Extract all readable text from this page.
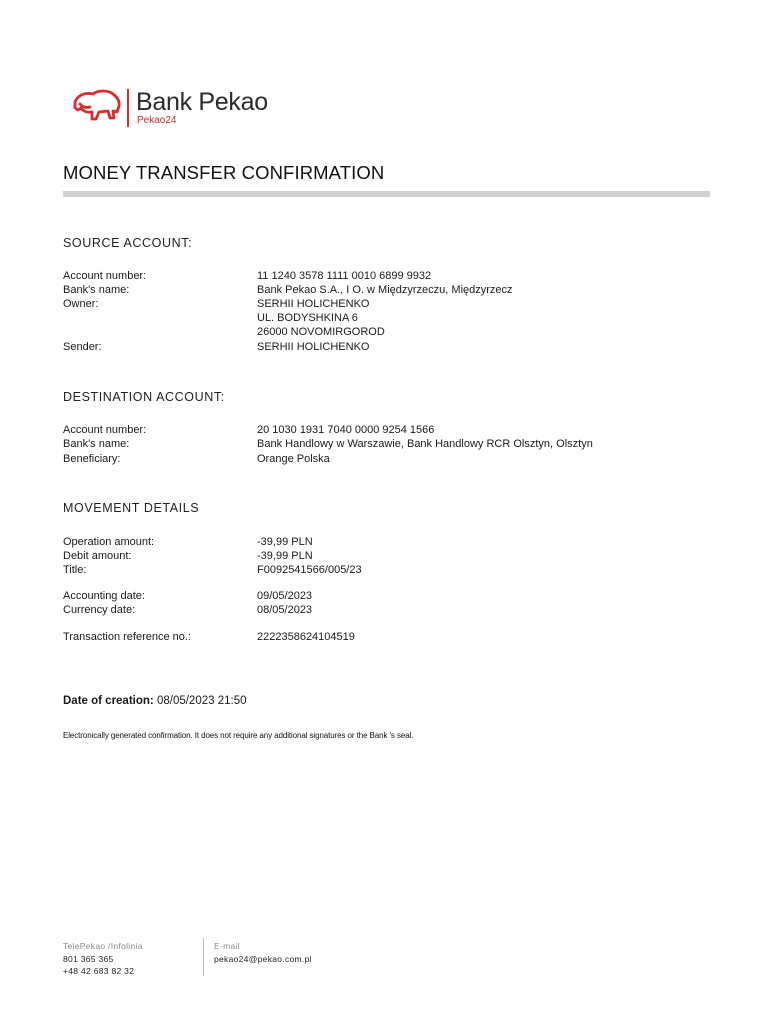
Bank Pekao
Pekao24
MONEY TRANSFER CONFIRMATION
SOURCE ACCOUNT:
Account number:	11 1240 3578 1111 0010 6899 9932
Bank's name:	Bank Pekao S.A., I O. w Międzyrzeczu, Międzyrzecz
Owner:	SERHII HOLICHENKO
UL. BODYSHKINA 6
26000 NOVOMIRGOROD
Sender:	SERHII HOLICHENKO
DESTINATION ACCOUNT:
Account number:	20 1030 1931 7040 0000 9254 1566
Bank's name:	Bank Handlowy w Warszawie, Bank Handlowy RCR Olsztyn, Olsztyn
Beneficiary:	Orange Polska
MOVEMENT DETAILS
Operation amount:	-39,99 PLN
Debit amount:	-39,99 PLN
Title:	F0092541566/005/23
Accounting date:	09/05/2023
Currency date:	08/05/2023
Transaction reference no.:	2222358624104519
Date of creation: 08/05/2023 21:50
Electronically generated confirmation. It does not require any additional signatures or the Bank 's seal.
TelePekao /Infolinia
801 365 365
+48 42 683 82 32
E-mail
pekao24@pekao.com.pl
